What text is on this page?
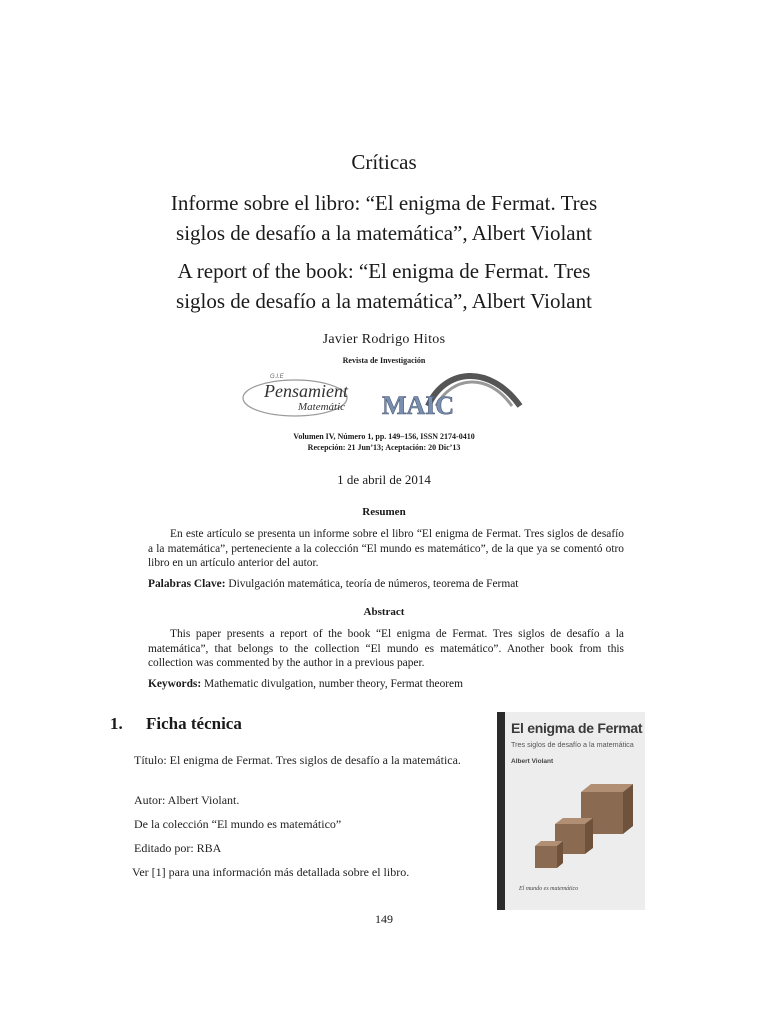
Críticas
Informe sobre el libro: “El enigma de Fermat. Tres
siglos de desafío a la matemática”, Albert Violant
A report of the book: “El enigma de Fermat. Tres
siglos de desafío a la matemática”, Albert Violant
Javier Rodrigo Hitos
Revista de Investigación
G.I.E
Pensamient
Matemátic MAIC
Volumen IV, Número 1, pp. 149–156, ISSN 2174-0410
Recepción: 21 Jun’13; Aceptación: 20 Dic’13
1 de abril de 2014
Resumen
En este artículo se presenta un informe sobre el libro “El enigma de Fermat. Tres siglos de desafío a la matemática”, perteneciente a la colección “El mundo es matemático”, de la que ya se comentó otro libro en un artículo anterior del autor.
Palabras Clave: Divulgación matemática, teoría de números, teorema de Fermat
Abstract
This paper presents a report of the book “El enigma de Fermat. Tres siglos de desafío a la matemática”, that belongs to the collection “El mundo es matemático”. Another book from this collection was commented by the author in a previous paper.
Keywords: Mathematic divulgation, number theory, Fermat theorem
1. Ficha técnica
Título: El enigma de Fermat. Tres siglos de desafío a la matemática.
Autor: Albert Violant.
De la colección “El mundo es matemático”
Editado por: RBA
Ver [1] para una información más detallada sobre el libro.
El enigma de Fermat
Tres siglos de desafío a la matemática
Albert Violant
El mundo es matemático
149
